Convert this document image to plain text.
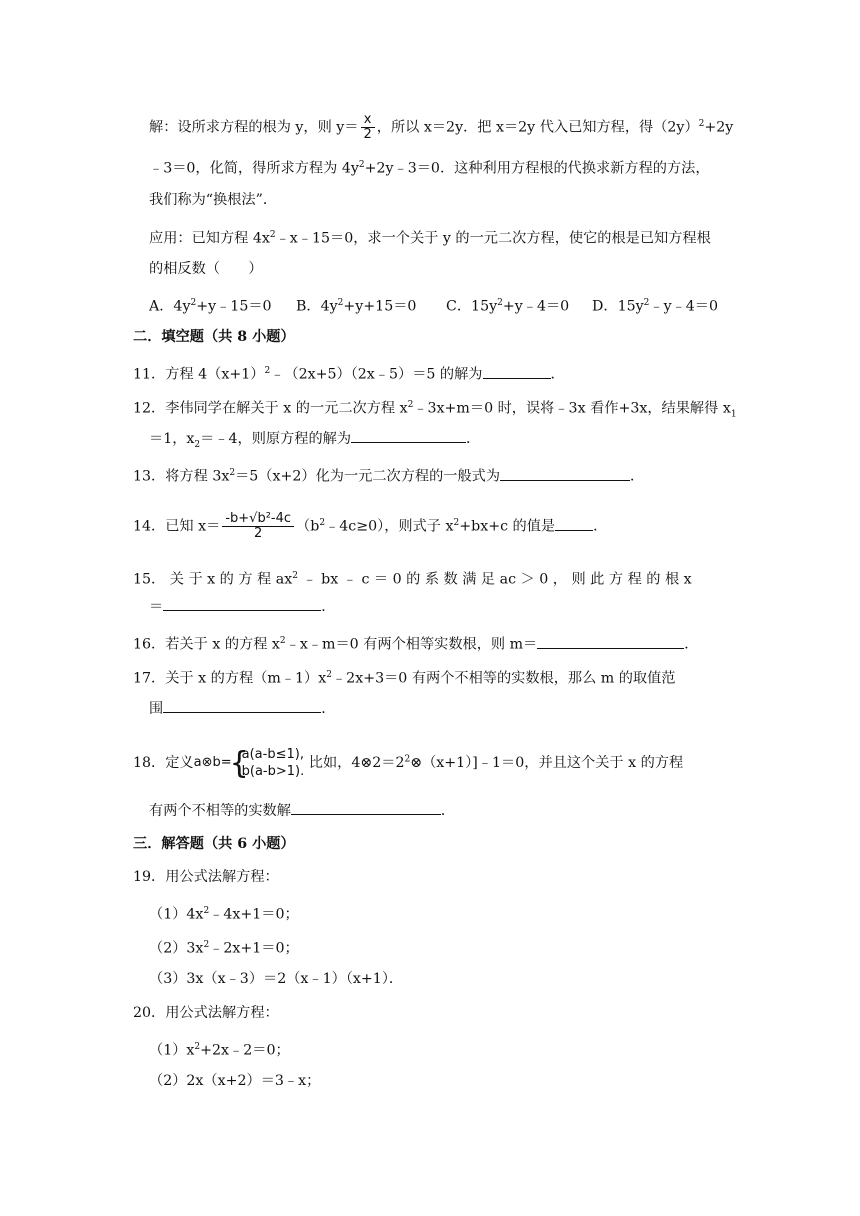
解：设所求方程的根为 y，则 $y= \frac{x}{2}$ ，所以 x＝2y．把 x＝2y 代入已知方程，得$(2y)^2+2y$
﹣3＝0，化简，得所求方程为 $4y^2+2y﹣3=0$．这种利用方程根的代换求新方程的方法，
我们称为“换根法”．
应用：已知方程 $4x^2﹣x﹣15=0$，求一个关于 y 的一元二次方程，使它的根是已知方程根
的相反数（　　）
A．$4y^2+y﹣15=0$ B．$4y^2+y+15=0$ C．$15y^2+y﹣4=0$ D．$15y^2﹣y﹣4=0$
二．填空题（共 8 小题）
11．方程 $4(x+1)^2﹣(2x+5)(2x﹣5)=5$ 的解为	．
12．李伟同学在解关于 x 的一元二次方程 $x^2﹣3x+m=0$ 时，误将﹣3x 看作+3x，结果解得 $x_1$
＝1，$x_2=﹣4$，则原方程的解为	．
13．将方程 $3x^2=5(x+2)$化为一元二次方程的一般式为	．
14．已知 $x= \frac{\text{-b+√b²-4c}}{2}$ $(b^2﹣4c\ge 0)$，则式子 $x^2+bx+c$ 的值是	．
15． 关 于 x 的 方 程 $ax^2$ ﹣ bx ﹣ c ＝ 0 的 系 数 满 足 ac ＞ 0 ， 则 此 方 程 的 根 x
＝	．
16．若关于 x 的方程 $x^2﹣x﹣m=0$ 有两个相等实数根，则 m＝	．
17．关于 x 的方程$(m﹣1)x^2﹣2x+3=0$ 有两个不相等的实数根，那么 m 的取值范
围	．
18．定义a⊗b=
{
a(a-b≤1),
b(a-b>1).
比如，$4\otimes 2=2^2\otimes(x+1)]﹣1=0$，并且这个关于 x 的方程
有两个不相等的实数解	．
三．解答题（共 6 小题）
19．用公式法解方程：
$(1)4x^2﹣4x+1=0$；
$(2)3x^2﹣2x+1=0$；
（3）3x（x﹣3）＝2（x﹣1）（x+1）．
20．用公式法解方程：
$(1)x^2+2x﹣2=0$；
（2）2x（x+2）＝3﹣x；
